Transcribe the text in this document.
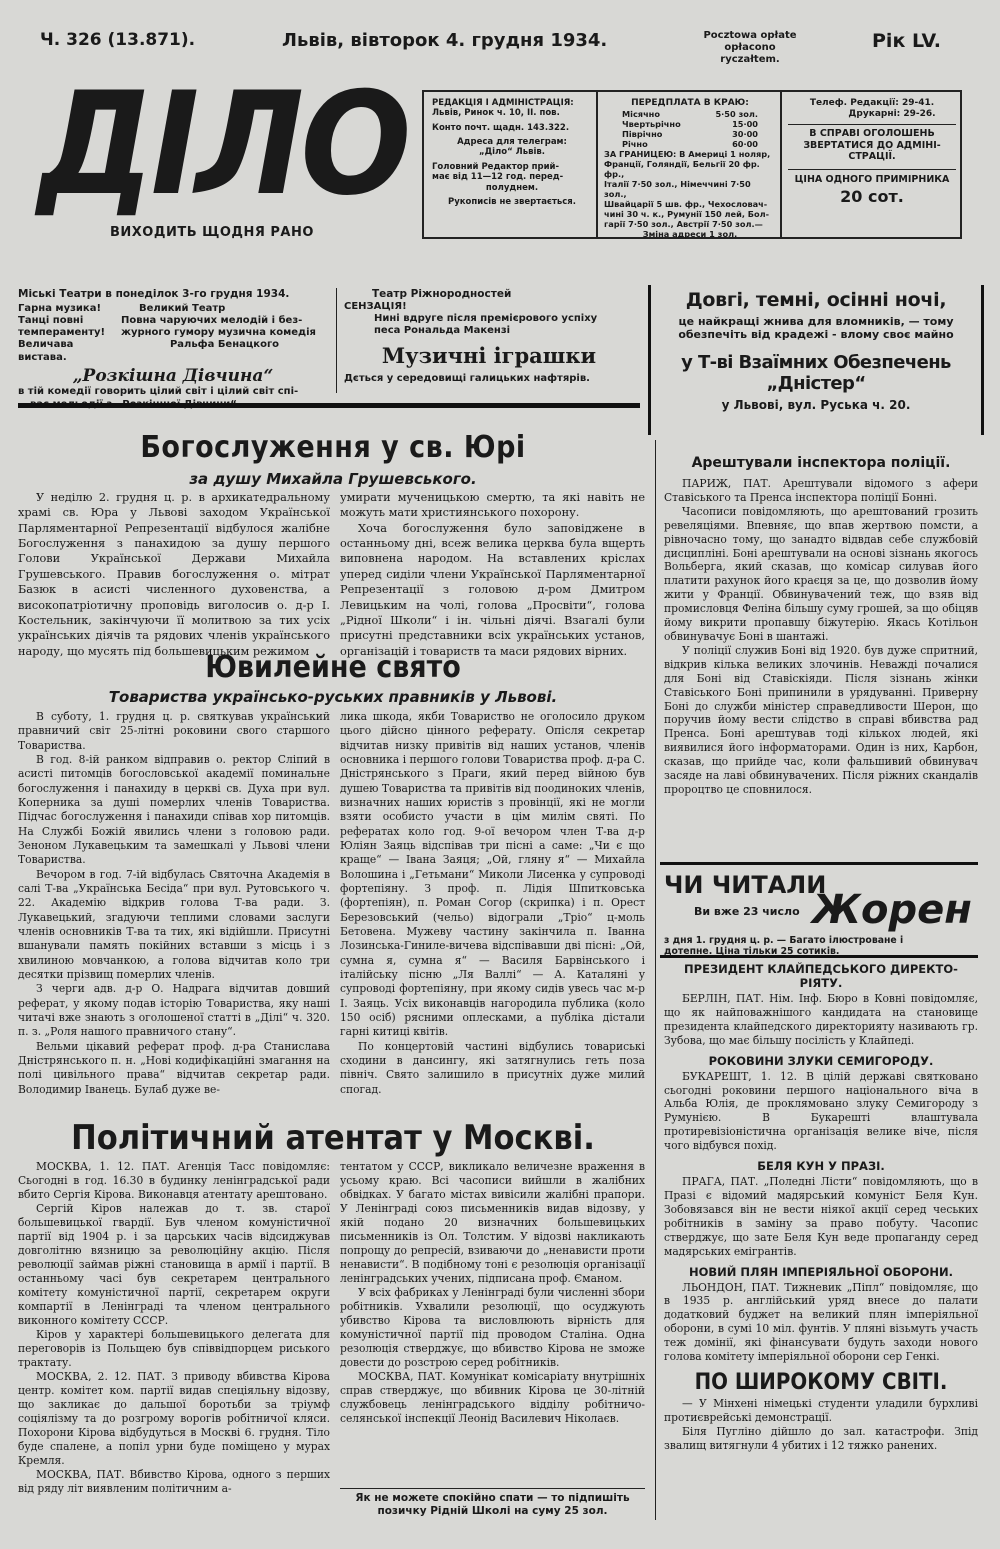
Ч. 326 (13.871).	Львів, вівторок 4. грудня 1934.	Pocztowa opłate
opłacono ryczałtem.
Рік LV.
ДІЛО
ВИХОДИТЬ ЩОДНЯ РАНО
РЕДАКЦІЯ І АДМІНІСТРАЦІЯ:
Львів, Ринок ч. 10, II. пов.
Конто почт. щадн. 143.322.
Адреса для телеграм:
„Діло“ Львів.
Головний Редактор прий-
має від 11—12 год. перед-
полуднем.
Рукописів не звертається.
ПЕРЕДПЛАТА В КРАЮ:
Місячно	5·50 зол.
Чвертьрічно	15·00
Піврічно	30·00
Річно	60·00
ЗА ГРАНИЦЕЮ: В Америці 1 ноляр,
Франції, Голяндії, Бельгії 20 фр. фр.,
Італії 7·50 зол., Німеччині 7·50 зол.,
Швайцарії 5 шв. фр., Чехословач-
чині 30 ч. к., Румунії 150 лей, Бол-
гарії 7·50 зол., Австрії 7·50 зол.—
Зміна адреси 1 зол.
Телеф. Редакції: 29-41.
Друкарні: 29-26.
В СПРАВІ ОГОЛОШЕНЬ
ЗВЕРТАТИСЯ ДО АДМІНІ-
СТРАЦІЇ.
ЦІНА ОДНОГО ПРИМІРНИКА
20 сот.
Міські Театри в понеділок 3-го грудня 1934.
Гарна музика!
Танці повні
темпераменту!
Величава вистава.
Великий Театр
Повна чаруючих мелодій і без-
журного гумору музична комедія
Ральфа Бенацкого
„Розкішна Дівчина“
в тій комедії говорить цілий світ і цілий світ спі-
Театр Ріжнородностей
СЕНЗАЦІЯ!
Нині вдруге після премієрового успіху
песа Рональда Макензі
Музичні іграшки
Дється у середовищі галицьких нафтярів.
Довгі, темні, осінні ночі,
це найкращі жнива для вломників, — тому
обезпечіть від крадежі - вломy своє майно
у Т-ві Взаїмних Обезпечень „Дністер“
у Львові, вул. Руська ч. 20.
Богослуження у св. Юрі
за душу Михайла Грушевського.

У неділю 2. грудня ц. р. в архикатедральному храмі св. Юра у Львові заходом Української Парляментарної Репрезентації відбулося жалібне Богослуження з панахидою за душу першого Голови Української Держави Михайла Грушевського. Правив богослуження о. мітрат Базюк в асисті численного духовенства, а високопатріотичну проповідь виголосив о. д-р І. Костельник, закінчуючи її молитвою за тих усіх українських діячів та рядових членів українського народу, що мусять під большевицьким режимом

умирати мученицькою смертю, та які навіть не можуть мати християнського похорону.

Хоча богослуження було заповіджене в останньому дні, всеж велика церква була вщерть виповнена народом. На вставлених кріслах уперед сиділи члени Української Парляментарної Репрезентації з головою д-ром Дмитром Левицьким на чолі, голова „Просвіти“, голова „Рідної Школи“ і ін. чільні діячі. Взагалі були присутні представники всіх українських установ, організацій і товариств та маси рядових вірних.

Ювилейне свято
Товариства українсько-руських правників у Львові.

В суботу, 1. грудня ц. р. святкував український правничий світ 25-літні роковини свого старшого Товариства.

В год. 8-ій ранком відправив о. ректор Сліпий в асисті питомців богословської академії поминальне богослуження і панахиду в церкві св. Духа при вул. Коперника за душі померлих членів Товариства. Підчас богослуження і панахиди співав хор питомців. На Службі Божій явились члени з головою ради. Зеноном Лукавецьким та замешкалі у Львові члени Товариства.

Вечором в год. 7-ій відбулась Святочна Академія в салі Т-ва „Українська Бесіда“ при вул. Рутовського ч. 22. Академію відкрив голова Т-ва ради. З. Лукавецький, згадуючи теплими словами заслуги членів основників Т-ва та тих, які відійшли. Присутні вшанували память покійних вставши з місць і з хвилиною мовчанкою, а голова відчитав коло три десятки прізвищ померлих членів.

З черги адв. д-р О. Надрага відчитав довший реферат, у якому подав історію Товариства, яку наші читачі вже знають з оголошеної статті в „Ділі“ ч. 320. п. з. „Роля нашого правничого стану“.

Вельми цікавий реферат проф. д-ра Станислава Дністрянського п. н. „Нові кодифікаційні змагання на полі цивільного права“ відчитав секретар ради. Володимир Іванець. Булаб дуже ве-

лика шкода, якби Товариство не оголосило друком цього дійсно цінного реферату. Опісля секретар відчитав низку привітів від наших установ, членів основника і першого голови Товариства проф. д-ра С. Дністрянського з Праги, який перед війною був душею Товариства та привітів від поодиноких членів, визначних наших юристів з провінції, які не могли взяти особисто участи в цім милім святі. По рефератах коло год. 9-ої вечором член Т-ва д-р Юліян Заяць відспівав три пісні а саме: „Чи є що краще“ — Івана Заяця; „Ой, гляну я“ — Михайла Волошина і „Гетьмани“ Миколи Лисенка у супроводі фортепіяну. З проф. п. Лідія Шпитковська (фортепіян), п. Роман Согор (скрипка) і п. Орест Березовський (чельо) відограли „Тріо“ ц-моль Бетовена. Мужеву частину закінчила п. Іванна Лозинська-Гиниле-вичева відспівавши дві пісні: „Ой, сумна я, сумна я“ — Василя Барвінського і італійську пісню „Ля Валлі“ — А. Каталяні у супроводі фортепіяну, при якому сидів увесь час м-р І. Заяць. Усіх виконавців нагородила публика (коло 150 осіб) рясними оплесками, а публіка дістали гарні китиці квітів.

По концертовій частині відбулись товариські сходини в дансингу, які затягнулись геть поза північ. Свято залишило в присутніх дуже милий спогад.

Політичний атентат у Москві.

МОСКВА, 1. 12. ПАТ. Агенція Тасс повідомляє: Сьогодні в год. 16.30 в будинку ленінградської ради вбито Сергія Кірова. Виконавця атентату арештовано.

Сергій Кіров належав до т. зв. старої большевицької гвардії. Був членом комуністичної партії від 1904 р. і за царських часів відсиджував довголітню вязницю за революційну акцію. Після революції займав ріжні становища в армії і партії. В останньому часі був секретарем центрального комітету комуністичної партії, секретарем округи компартії в Ленінграді та членом центрального виконного комітету СССР.

Кіров у характері большевицького делегата для переговорів із Польщею був співвідпорцем риського трактату.

МОСКВА, 2. 12. ПАТ. З приводу вбивства Кірова центр. комітет ком. партії видав спеціяльну відозву, що закликає до дальшої боротьби за тріумф соціялізму та до розгрому ворогів робітничої кляси. Похорони Кірова відбудуться в Москві 6. грудня. Тіло буде спалене, а попіл урни буде поміщено у мурах Кремля.

МОСКВА, ПАТ. Вбивство Кірова, одного з перших від ряду літ виявленим політичним а-

тентатом у СССР, викликало величезне враження в усьому краю. Всі часописи вийшли в жалібних обвідках. У багато містах вивісили жалібні прапори. У Ленінграді союз письменників видав відозву, у якій подано 20 визначних большевицьких письменників із Ол. Толстим. У відозві накликають попрощу до репресій, взиваючи до „ненависти проти ненависти“. В подібному тоні є резолюція організації ленінградських учених, підписана проф. Єманом.

У всіх фабриках у Ленінграді були численні збори робітників. Ухвалили резолюції, що осуджують убивство Кірова та висловлюють вірність для комуністичної партії під проводом Сталіна. Одна резолюція стверджує, що вбивство Кірова не зможе довести до розстрою серед робітників.

МОСКВА, ПАТ. Комунікат комісаріату внутрішніх справ стверджує, що вбивник Кірова це 30-літній службовець ленінградського відділу робітничо-селянської інспекції Леонід Василевич Ніколаєв.

Як не можете спокійно спати — то підпишіть
позичку Рідній Школі на суму 25 зол.
Арештували інспектора поліції.

ПАРИЖ, ПАТ. Арештували відомого з афери Ставіського та Пренса інспектора поліції Бонні.

Часописи повідомляють, що арештований грозить ревеляціями. Впевняє, що впав жертвою помсти, а рівночасно тому, що занадто відвдав себе службовій дисципліні. Боні арештували на основі зізнань якогось Вольберга, який сказав, що комісар силував його платити рахунок його краєця за це, що дозволив йому жити у Франції. Обвинувачений теж, що взяв від промисловця Феліна більшу суму грошей, за що обіцяв йому викрити пропавшу біжутерію. Якась Котільон обвинувачує Боні в шантажі.

У поліції служив Боні від 1920. був дуже спритний, відкрив кілька великих злочинів. Неважді почалися для Боні від Ставіскіяди. Після зізнань жінки Ставіського Боні припинили в урядуванні. Приверну Боні до служби міністер справедливости Шерон, що поручив йому вести слідство в справі вбивства рад Пренса. Боні арештував тоді кількох людей, які виявилися його інформаторами. Один із них, Карбон, сказав, що прийде час, коли фальшивий обвинувач засяде на лаві обвинувачених. Після ріжних скандалів пророцтво це сповнилося.

ЧИ ЧИТАЛИ
Ви вже 23 число Жорен
з дня 1. грудня ц. р. — Багато ілюстроване і
дотепне. Ціна тільки 25 сотиків.
ПРЕЗИДЕНТ КЛАЙПЕДСЬКОГО ДИРЕКТО-
РІЯТУ.

БЕРЛІН, ПАТ. Нім. Інф. Бюро в Ковні повідомляє, що як найповажнішого кандидата на становище президента клайпедского директорияту називають гр. Зубова, що має більшу посілість у Клайпеді.

РОКОВИНИ ЗЛУКИ СЕМИГОРОДУ.

БУКАРЕШТ, 1. 12. В цілій державі святковано сьогодні роковини першого національного віча в Альба Юлія, де проклямовано злуку Семигороду з Румунією. В Букарешті влаштувала пpoтиревізіоністична організація велике віче, після чого відбувся похід.

БЕЛЯ КУН У ПРАЗІ.

ПРАГА, ПАТ. „Поледні Лісти“ повідомляють, що в Празі є відомий мадярський комуніст Беля Кун. Зобовязався він не вести ніякої акції серед чеських робітників в заміну за право побуту. Часопис стверджує, що зате Беля Кун веде пропаганду серед мадярських емігрантів.

НОВИЙ ПЛЯН ІМПЕРІЯЛЬНОЇ ОБОРОНИ.

ЛЬОНДОН, ПАТ. Тижневик „Піпл“ повідомляє, що в 1935 р. англійський уряд внесе до палати додатковий буджет на великий плян імперіяльної оборони, в сумі 10 міл. фунтів. У плянi візьмуть участь теж домінії, які фінансувати будуть заходи нового голова комітету імперіяльної оборони сер Генкі.

ПО ШИРОКОМУ СВІТІ.

— У Мінхені німецькі студенти уладили бурхливі протиєврейські демонстрації.

Біля Пугліно дійшло до зал. катастрофи. Зпід звалищ витягнули 4 убитих і 12 тяжко ранених.
